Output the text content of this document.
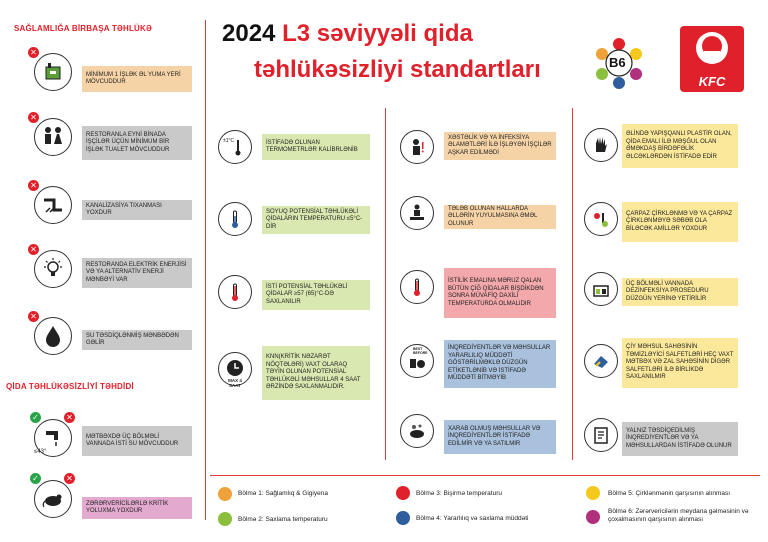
SAĞLAMLIĞA BİRBAŞA TƏHLÜKƏ
✕
MİNİMUM 1 İŞLƏK ƏL YUMA YERİ MÖVCUDDUR
✕
RESTORANLA EYNİ BİNADA İŞÇİLƏR ÜÇÜN MİNİMUM BİR İŞLƏK TUALET MÖVCUDDUR
✕
KANALİZASİYA TIXANMASI YOXDUR
✕
RESTORANDA ELEKTRİK ENERJİSİ VƏ YA ALTERNATİV ENERJİ MƏNBƏYİ VAR
✕
SU TƏSDİQLƏNMİŞ MƏNBƏDƏN GƏLİR
QİDA TƏHLÜKƏSİZLİYİ TƏHDİDİ
✓	✕
≤43°
MƏTBƏXDƏ ÜÇ BÖLMƏLİ VANNADA İSTİ SU MÖVCUDDUR
✓	✕
ZƏRƏRVERİCİLƏRLƏ KRİTİK YOLUXMA YOXDUR
2024 L3 səviyyəli qida
təhlükəsizliyi standartları	B6
KFC
±1°C	İSTİFADƏ OLUNAN TERMOMETRLƏR KALİBRLƏNİB
SOYUQ POTENSİAL TƏHLÜKƏLİ QİDALARIN TEMPERATURU ≤5°C-DİR
İSTİ POTENSİAL TƏHLÜKƏLİ QİDALAR ≥57 (65)°C-DƏ SAXLANILIR
MAX 4 SAAT
KNN(KRİTİK NƏZARƏT NÖQTƏLƏRİ) VAXT OLARAQ TƏYİN OLUNAN POTENSİAL TƏHLÜKƏLİ MƏHSULLAR 4 SAAT ƏRZİNDƏ SAXLANMALIDIR.
XƏSTƏLİK VƏ YA İNFEKSİYA ƏLAMƏTLƏRİ İLƏ İŞLƏYƏN İŞÇİLƏR AŞKAR EDİLMƏDİ
TƏLƏB OLUNAN HALLARDA ƏLLƏRİN YUYULMASINA ƏMƏL OLUNUR
İSTİLİK EMALINA MƏRUZ QALAN BÜTÜN ÇİĞ QİDALAR BİŞDİKDƏN SONRA MÜVAFİQ DAXİLİ TEMPERATURDA OLMALIDIR
BEST BEFORE
İNQREDİYENTLƏR VƏ MƏHSULLAR YARARLILIQ MÜDDƏTİ GÖSTƏRİLMƏKLƏ DÜZGÜN ETİKETLƏNİB VƏ İSTİFADƏ MÜDDƏTİ BİTMƏYİB
XARAB OLMUŞ MƏHSULLAR VƏ İNQREDİYENTLƏR İSTİFADƏ EDİLMİR VƏ YA SATILMIR
ƏLİNDƏ YAPIŞQANLI PLASTİR OLAN, QİDA EMALI İLƏ MƏŞĞUL OLAN ƏMƏKDAŞ BİRDƏFƏLİK ƏLCƏKLƏRDƏN İSTİFADƏ EDİR
ÇARPAZ ÇİRKLƏNMƏ VƏ YA ÇARPAZ ÇİRKLƏNMƏYƏ SƏBƏB OLA BİLƏCƏK AMİLLƏR YOXDUR
ÜÇ BÖLMƏLİ VANNADA DEZİNFEKSİYA PROSEDURU DÜZGÜN YERİNƏ YETİRİLİR
ÇİY MƏHSUL SAHƏSİNİN TƏMİZLƏYİCİ SALFETLƏRİ HEÇ VAXT MƏTBƏX VƏ ZAL SAHƏSİNİN DİGƏR SALFETLƏRİ İLƏ BİRLİKDƏ SAXLANILMIR
YALNIZ TƏSDİQEDİLMİŞ İNQREDİYENTLƏR VƏ YA MƏHSULLARDAN İSTİFADƏ OLUNUR
Bölmə 1: Sağlamlıq & Gigiyena
Bölmə 2: Saxlama temperaturu
Bölmə 3: Bişirmə temperaturu
Bölmə 4: Yararlılıq və saxlama müddəti
Bölmə 5: Çirklənmənin qarşısının alınması
Bölmə 6: Zərərvericilərin meydana gəlməsinin və çoxalmasının qarşısının alınması
